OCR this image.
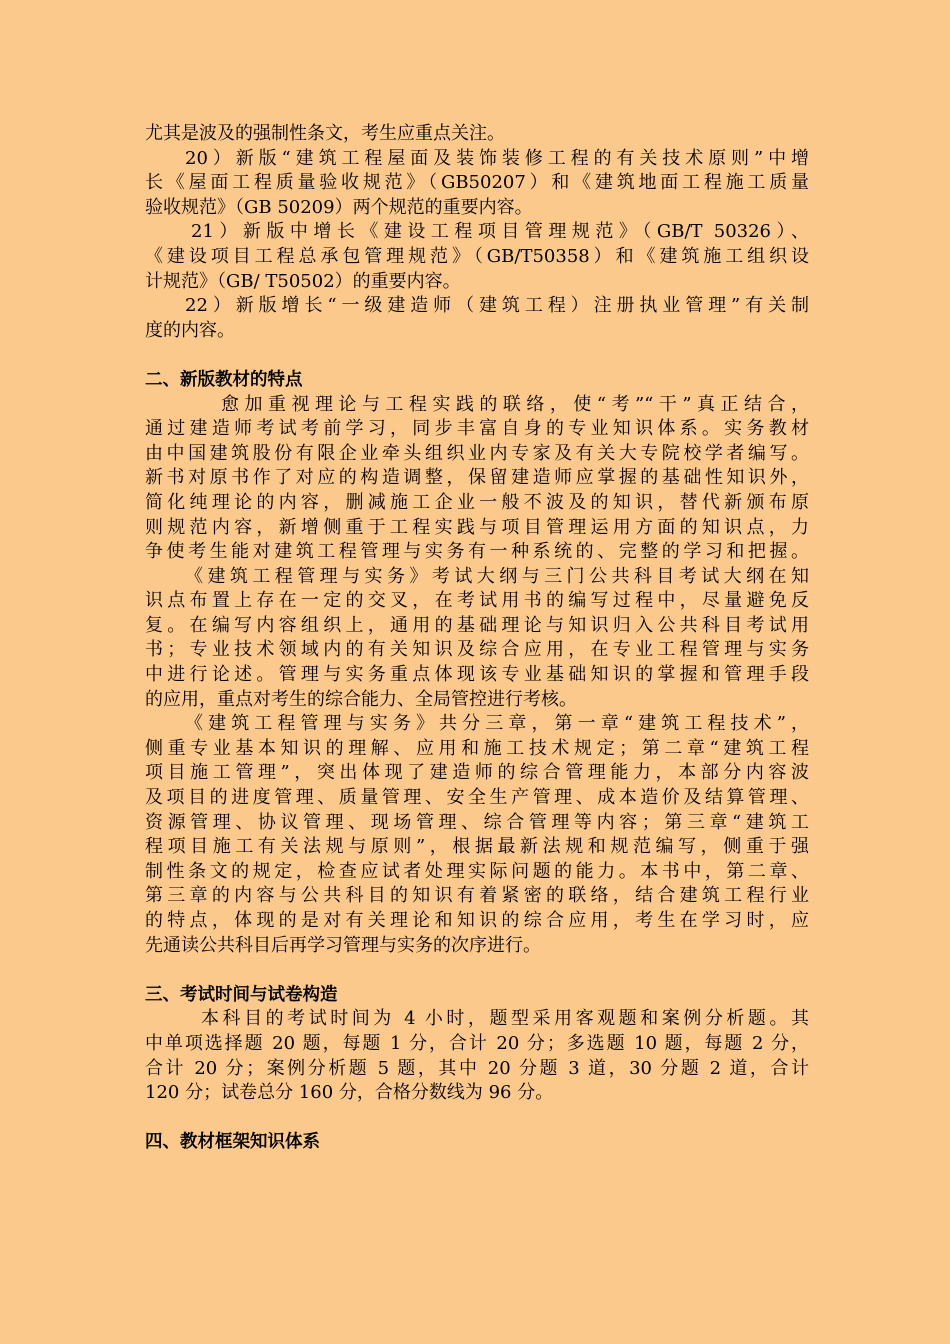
尤其是波及的强制性条文，考生应重点关注。
20）新版“建筑工程屋面及装饰装修工程的有关技术原则”中增
长《屋面工程质量验收规范》（GB50207）和《建筑地面工程施工质量
验收规范》（GB 50209）两个规范的重要内容。
21）新版中增长《建设工程项目管理规范》（GB/T 50326）、
《建设项目工程总承包管理规范》（GB/T50358）和《建筑施工组织设
计规范》（GB/ T50502）的重要内容。
22）新版增长“一级建造师（建筑工程）注册执业管理”有关制
度的内容。
二、新版教材的特点
愈加重视理论与工程实践的联络，使“考”“干”真正结合，
通过建造师考试考前学习，同步丰富自身的专业知识体系。实务教材
由中国建筑股份有限企业牵头组织业内专家及有关大专院校学者编写。
新书对原书作了对应的构造调整，保留建造师应掌握的基础性知识外，
简化纯理论的内容，删减施工企业一般不波及的知识，替代新颁布原
则规范内容，新增侧重于工程实践与项目管理运用方面的知识点，力
争使考生能对建筑工程管理与实务有一种系统的、完整的学习和把握。
《建筑工程管理与实务》考试大纲与三门公共科目考试大纲在知
识点布置上存在一定的交叉，在考试用书的编写过程中，尽量避免反
复。在编写内容组织上，通用的基础理论与知识归入公共科目考试用
书；专业技术领域内的有关知识及综合应用，在专业工程管理与实务
中进行论述。管理与实务重点体现该专业基础知识的掌握和管理手段
的应用，重点对考生的综合能力、全局管控进行考核。
《建筑工程管理与实务》共分三章，第一章“建筑工程技术”，
侧重专业基本知识的理解、应用和施工技术规定；第二章“建筑工程
项目施工管理”，突出体现了建造师的综合管理能力，本部分内容波
及项目的进度管理、质量管理、安全生产管理、成本造价及结算管理、
资源管理、协议管理、现场管理、综合管理等内容；第三章“建筑工
程项目施工有关法规与原则”，根据最新法规和规范编写，侧重于强
制性条文的规定，检查应试者处理实际问题的能力。本书中，第二章、
第三章的内容与公共科目的知识有着紧密的联络，结合建筑工程行业
的特点，体现的是对有关理论和知识的综合应用，考生在学习时，应
先通读公共科目后再学习管理与实务的次序进行。
三、考试时间与试卷构造
本科目的考试时间为 4 小时，题型采用客观题和案例分析题。其
中单项选择题 20 题，每题 1 分，合计 20 分；多选题 10 题，每题 2 分，
合计 20 分；案例分析题 5 题，其中 20 分题 3 道，30 分题 2 道，合计
120 分；试卷总分 160 分，合格分数线为 96 分。
四、教材框架知识体系
